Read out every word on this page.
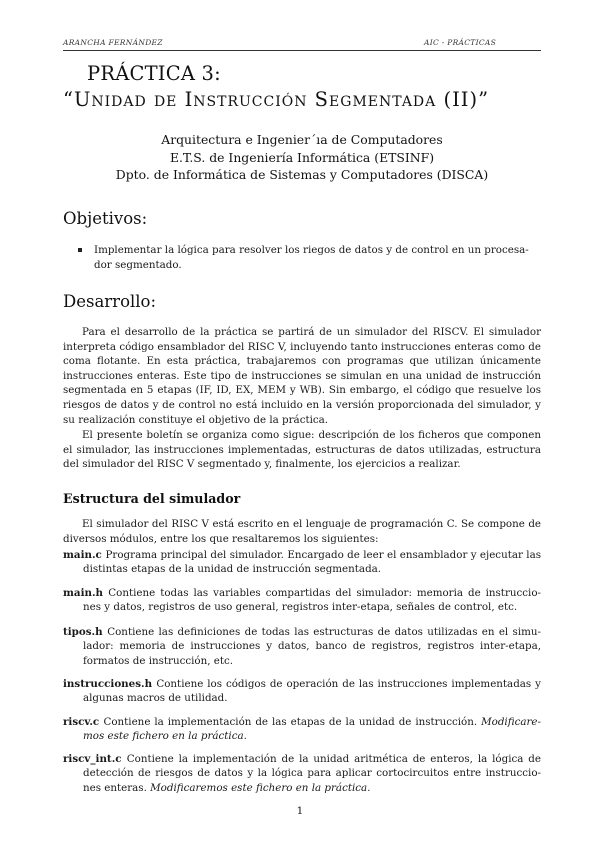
ARANCHA FERNÁNDEZ	AIC - PRÁCTICAS
PRÁCTICA 3:
“Unidad de Instrucción Segmentada (II)”
Arquitectura e Ingenier´ıa de Computadores
E.T.S. de Ingeniería Informática (ETSINF)
Dpto. de Informática de Sistemas y Computadores (DISCA)
Objetivos:
Implementar la lógica para resolver los riegos de datos y de control en un procesa-dor segmentado.
Desarrollo:

Para el desarrollo de la práctica se partirá de un simulador del RISCV. El simulador interpreta código ensamblador del RISC V, incluyendo tanto instrucciones enteras como de coma flotante. En esta práctica, trabajaremos con programas que utilizan únicamente instrucciones enteras. Este tipo de instrucciones se simulan en una unidad de instrucción segmentada en 5 etapas (IF, ID, EX, MEM y WB). Sin embargo, el código que resuelve los riesgos de datos y de control no está incluido en la versión proporcionada del simulador, y su realización constituye el objetivo de la práctica.

El presente boletín se organiza como sigue: descripción de los ficheros que componen el simulador, las instrucciones implementadas, estructuras de datos utilizadas, estructura del simulador del RISC V segmentado y, finalmente, los ejercicios a realizar.

Estructura del simulador

El simulador del RISC V está escrito en el lenguaje de programación C. Se compone de diversos módulos, entre los que resaltaremos los siguientes:

main.c Programa principal del simulador. Encargado de leer el ensamblador y ejecutar las distintas etapas de la unidad de instrucción segmentada.
main.h Contiene todas las variables compartidas del simulador: memoria de instruccio-nes y datos, registros de uso general, registros inter-etapa, señales de control, etc.
tipos.h Contiene las definiciones de todas las estructuras de datos utilizadas en el simu-lador: memoria de instrucciones y datos, banco de registros, registros inter-etapa, formatos de instrucción, etc.
instrucciones.h Contiene los códigos de operación de las instrucciones implementadas y algunas macros de utilidad.
riscv.c Contiene la implementación de las etapas de la unidad de instrucción. Modificare-mos este fichero en la práctica.
riscv_int.c Contiene la implementación de la unidad aritmética de enteros, la lógica de detección de riesgos de datos y la lógica para aplicar cortocircuitos entre instruccio-nes enteras. Modificaremos este fichero en la práctica.
1
